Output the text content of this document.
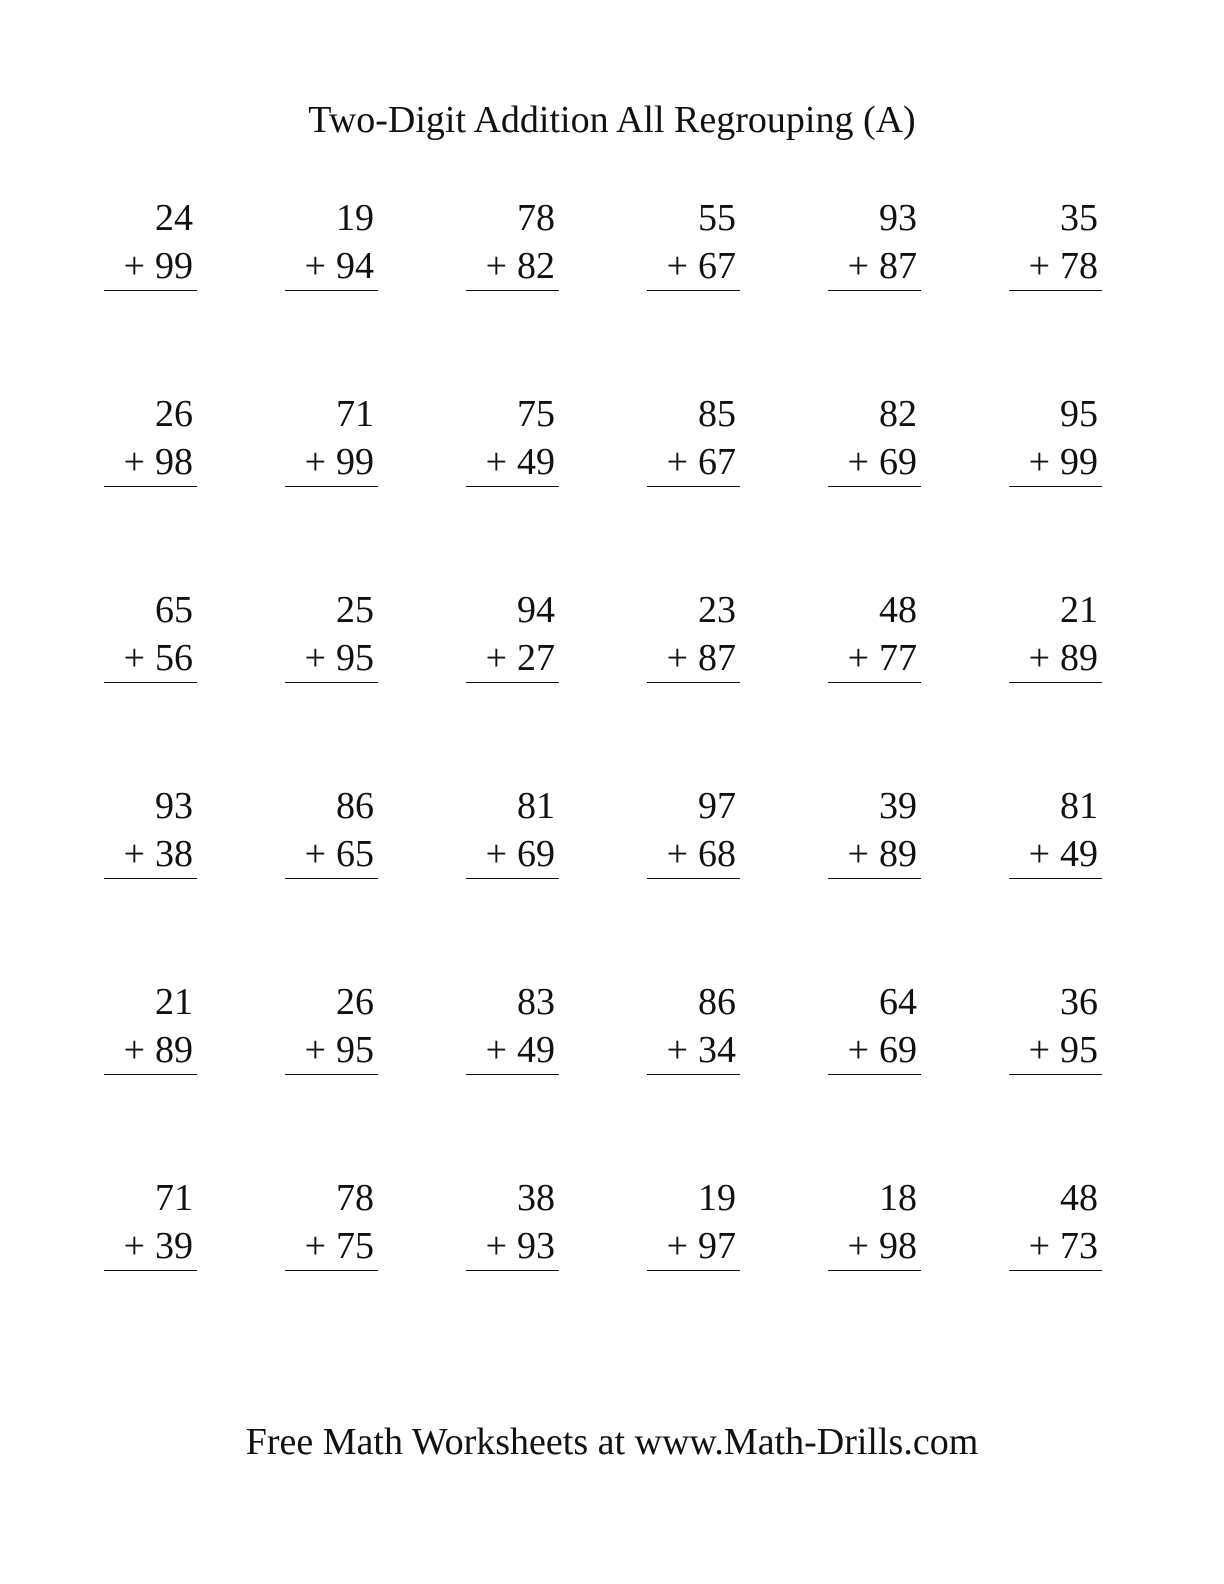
Two-Digit Addition All Regrouping (A)
24
+ 99
19
+ 94
78
+ 82
55
+ 67
93
+ 87
35
+ 78
26
+ 98
71
+ 99
75
+ 49
85
+ 67
82
+ 69
95
+ 99
65
+ 56
25
+ 95
94
+ 27
23
+ 87
48
+ 77
21
+ 89
93
+ 38
86
+ 65
81
+ 69
97
+ 68
39
+ 89
81
+ 49
21
+ 89
26
+ 95
83
+ 49
86
+ 34
64
+ 69
36
+ 95
71
+ 39
78
+ 75
38
+ 93
19
+ 97
18
+ 98
48
+ 73
Free Math Worksheets at www.Math-Drills.com
